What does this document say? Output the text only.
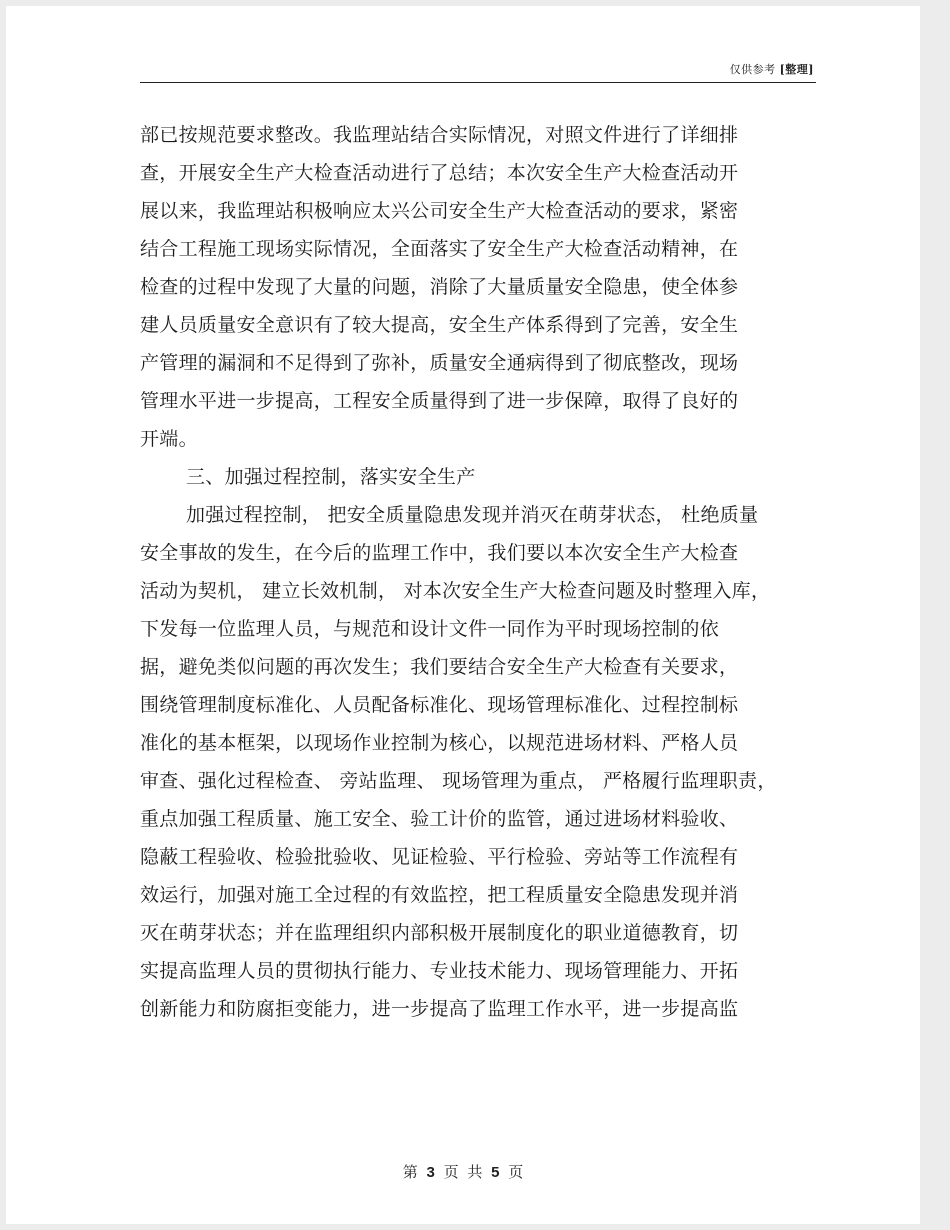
仅供参考 [整理]
部已按规范要求整改。我监理站结合实际情况，对照文件进行了详细排
查，开展安全生产大检查活动进行了总结；本次安全生产大检查活动开
展以来，我监理站积极响应太兴公司安全生产大检查活动的要求，紧密
结合工程施工现场实际情况，全面落实了安全生产大检查活动精神，在
检查的过程中发现了大量的问题，消除了大量质量安全隐患，使全体参
建人员质量安全意识有了较大提高，安全生产体系得到了完善，安全生
产管理的漏洞和不足得到了弥补，质量安全通病得到了彻底整改，现场
管理水平进一步提高，工程安全质量得到了进一步保障，取得了良好的
开端。
三、加强过程控制，落实安全生产
加强过程控制， 把安全质量隐患发现并消灭在萌芽状态， 杜绝质量
安全事故的发生，在今后的监理工作中，我们要以本次安全生产大检查
活动为契机， 建立长效机制， 对本次安全生产大检查问题及时整理入库，
下发每一位监理人员，与规范和设计文件一同作为平时现场控制的依
据，避免类似问题的再次发生；我们要结合安全生产大检查有关要求，
围绕管理制度标准化、人员配备标准化、现场管理标准化、过程控制标
准化的基本框架，以现场作业控制为核心，以规范进场材料、严格人员
审查、强化过程检查、 旁站监理、 现场管理为重点， 严格履行监理职责，
重点加强工程质量、施工安全、验工计价的监管，通过进场材料验收、
隐蔽工程验收、检验批验收、见证检验、平行检验、旁站等工作流程有
效运行，加强对施工全过程的有效监控，把工程质量安全隐患发现并消
灭在萌芽状态；并在监理组织内部积极开展制度化的职业道德教育，切
实提高监理人员的贯彻执行能力、专业技术能力、现场管理能力、开拓
创新能力和防腐拒变能力，进一步提高了监理工作水平，进一步提高监
第 3 页 共 5 页
